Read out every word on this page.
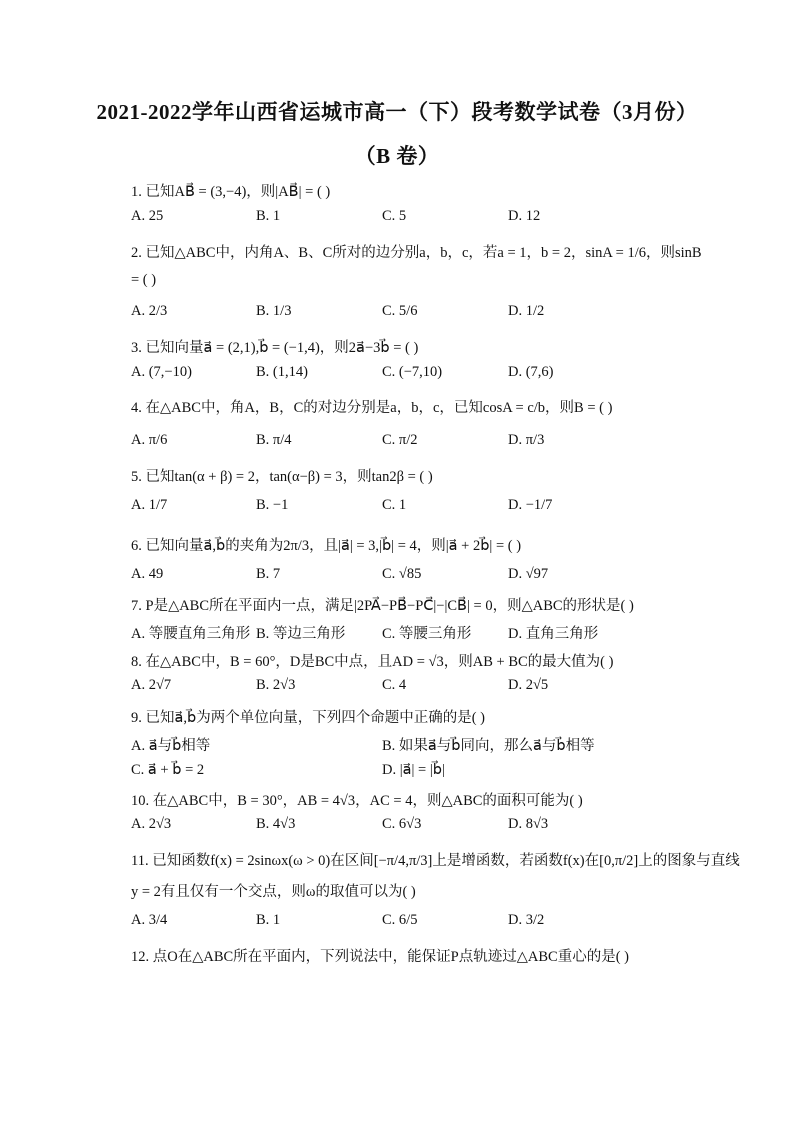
2021-2022学年山西省运城市高一（下）段考数学试卷（3月份）
（B 卷）
1. 已知AB⃗ = (3,−4)，则|AB⃗| = ( )
A. 25	B. 1	C. 5	D. 12
2. 已知△ABC中，内角A、B、C所对的边分别a，b，c，若a = 1，b = 2，sinA = 1/6，则sinB
= ( )
A. 2/3	B. 1/3	C. 5/6	D. 1/2
3. 已知向量a⃗ = (2,1),b⃗ = (−1,4)，则2a⃗−3b⃗ = ( )
A. (7,−10)	B. (1,14)	C. (−7,10)	D. (7,6)
4. 在△ABC中，角A，B，C的对边分别是a，b，c，已知cosA = c/b，则B = ( )
A. π/6	B. π/4	C. π/2	D. π/3
5. 已知tan(α + β) = 2，tan(α−β) = 3，则tan2β = ( )
A. 1/7	B. −1	C. 1	D. −1/7
6. 已知向量a⃗,b⃗的夹角为2π/3，且|a⃗| = 3,|b⃗| = 4，则|a⃗ + 2b⃗| = ( )
A. 49	B. 7	C. √85	D. √97
7. P是△ABC所在平面内一点，满足|2PA⃗−PB⃗−PC⃗|−|CB⃗| = 0，则△ABC的形状是( )
A. 等腰直角三角形 B. 等边三角形	C. 等腰三角形	D. 直角三角形
8. 在△ABC中，B = 60°，D是BC中点，且AD = √3，则AB + BC的最大值为( )
A. 2√7	B. 2√3	C. 4	D. 2√5
9. 已知a⃗,b⃗为两个单位向量，下列四个命题中正确的是( )
A. a⃗与b⃗相等	B. 如果a⃗与b⃗同向，那么a⃗与b⃗相等
C. a⃗ + b⃗ = 2	D. |a⃗| = |b⃗|
10. 在△ABC中，B = 30°，AB = 4√3，AC = 4，则△ABC的面积可能为( )
A. 2√3	B. 4√3	C. 6√3	D. 8√3
11. 已知函数f(x) = 2sinωx(ω > 0)在区间[−π/4,π/3]上是增函数，若函数f(x)在[0,π/2]上的图象与直线
y = 2有且仅有一个交点，则ω的取值可以为( )
A. 3/4	B. 1	C. 6/5	D. 3/2
12. 点O在△ABC所在平面内，下列说法中，能保证P点轨迹过△ABC重心的是( )
